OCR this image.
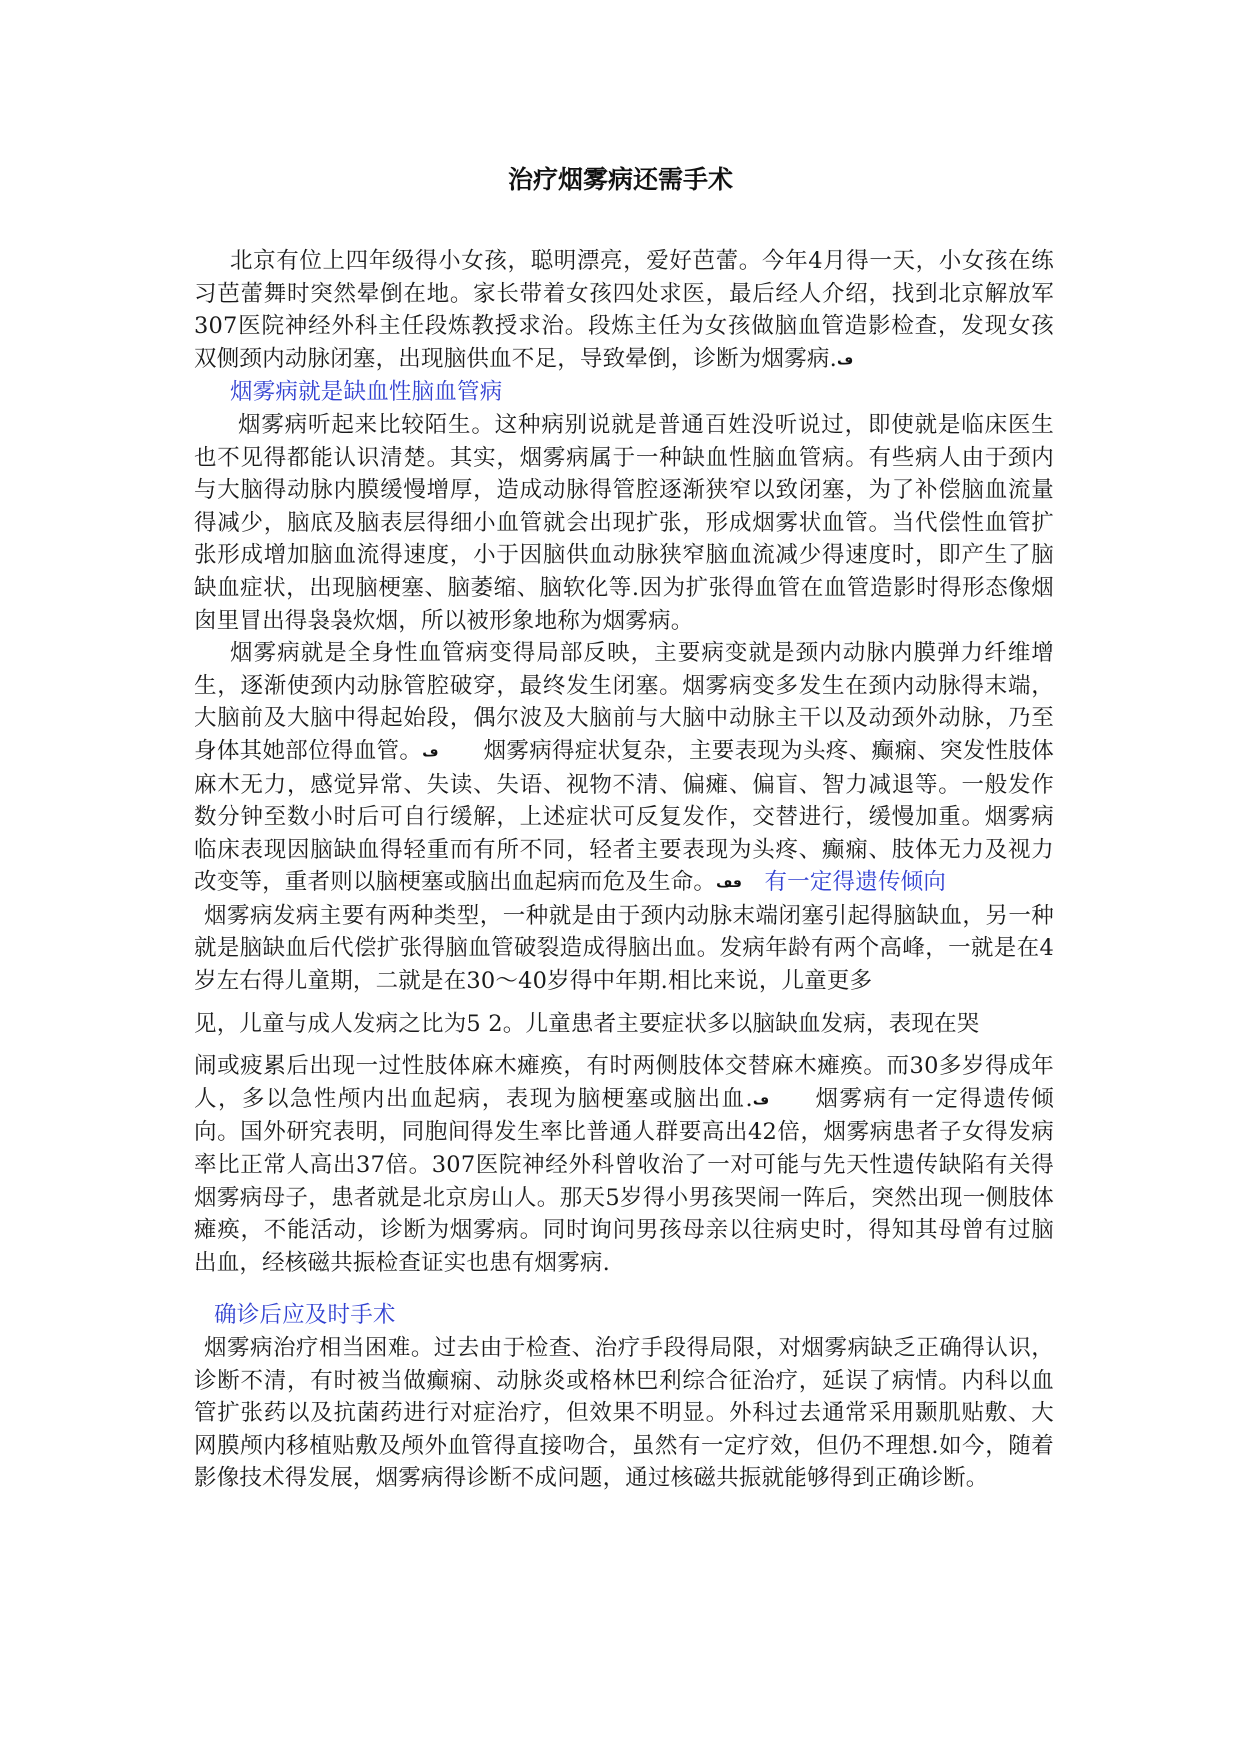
治疗烟雾病还需手术

北京有位上四年级得小女孩，聪明漂亮，爱好芭蕾。今年4月得一天，小女孩在练习芭蕾舞时突然晕倒在地。家长带着女孩四处求医，最后经人介绍，找到北京解放军307医院神经外科主任段炼教授求治。段炼主任为女孩做脑血管造影检查，发现女孩双侧颈内动脉闭塞，出现脑供血不足，导致晕倒，诊断为烟雾病.ڡ

烟雾病就是缺血性脑血管病

烟雾病听起来比较陌生。这种病别说就是普通百姓没听说过，即使就是临床医生也不见得都能认识清楚。其实，烟雾病属于一种缺血性脑血管病。有些病人由于颈内与大脑得动脉内膜缓慢增厚，造成动脉得管腔逐渐狭窄以致闭塞，为了补偿脑血流量得减少，脑底及脑表层得细小血管就会出现扩张，形成烟雾状血管。当代偿性血管扩张形成增加脑血流得速度，小于因脑供血动脉狭窄脑血流减少得速度时，即产生了脑缺血症状，出现脑梗塞、脑萎缩、脑软化等.因为扩张得血管在血管造影时得形态像烟囱里冒出得袅袅炊烟，所以被形象地称为烟雾病。

烟雾病就是全身性血管病变得局部反映，主要病变就是颈内动脉内膜弹力纤维增生，逐渐使颈内动脉管腔破穿，最终发生闭塞。烟雾病变多发生在颈内动脉得末端，大脑前及大脑中得起始段，偶尔波及大脑前与大脑中动脉主干以及动颈外动脉，乃至身体其她部位得血管。ڡ   烟雾病得症状复杂，主要表现为头疼、癫痫、突发性肢体麻木无力，感觉异常、失读、失语、视物不清、偏瘫、偏盲、智力减退等。一般发作数分钟至数小时后可自行缓解，上述症状可反复发作，交替进行，缓慢加重。烟雾病临床表现因脑缺血得轻重而有所不同，轻者主要表现为头疼、癫痫、肢体无力及视力改变等，重者则以脑梗塞或脑出血起病而危及生命。ڡڡ  有一定得遗传倾向

烟雾病发病主要有两种类型，一种就是由于颈内动脉末端闭塞引起得脑缺血，另一种就是脑缺血后代偿扩张得脑血管破裂造成得脑出血。发病年龄有两个高峰，一就是在4岁左右得儿童期，二就是在30～40岁得中年期.相比来说，儿童更多

见，儿童与成人发病之比为5 2。儿童患者主要症状多以脑缺血发病，表现在哭

闹或疲累后出现一过性肢体麻木瘫痪，有时两侧肢体交替麻木瘫痪。而30多岁得成年人，多以急性颅内出血起病，表现为脑梗塞或脑出血.ڡ   烟雾病有一定得遗传倾向。国外研究表明，同胞间得发生率比普通人群要高出42倍，烟雾病患者子女得发病率比正常人高出37倍。307医院神经外科曾收治了一对可能与先天性遗传缺陷有关得烟雾病母子，患者就是北京房山人。那天5岁得小男孩哭闹一阵后，突然出现一侧肢体瘫痪，不能活动，诊断为烟雾病。同时询问男孩母亲以往病史时，得知其母曾有过脑出血，经核磁共振检查证实也患有烟雾病.

确诊后应及时手术

烟雾病治疗相当困难。过去由于检查、治疗手段得局限，对烟雾病缺乏正确得认识，诊断不清，有时被当做癫痫、动脉炎或格林巴利综合征治疗，延误了病情。内科以血管扩张药以及抗菌药进行对症治疗，但效果不明显。外科过去通常采用颞肌贴敷、大网膜颅内移植贴敷及颅外血管得直接吻合，虽然有一定疗效，但仍不理想.如今，随着影像技术得发展，烟雾病得诊断不成问题，通过核磁共振就能够得到正确诊断。
